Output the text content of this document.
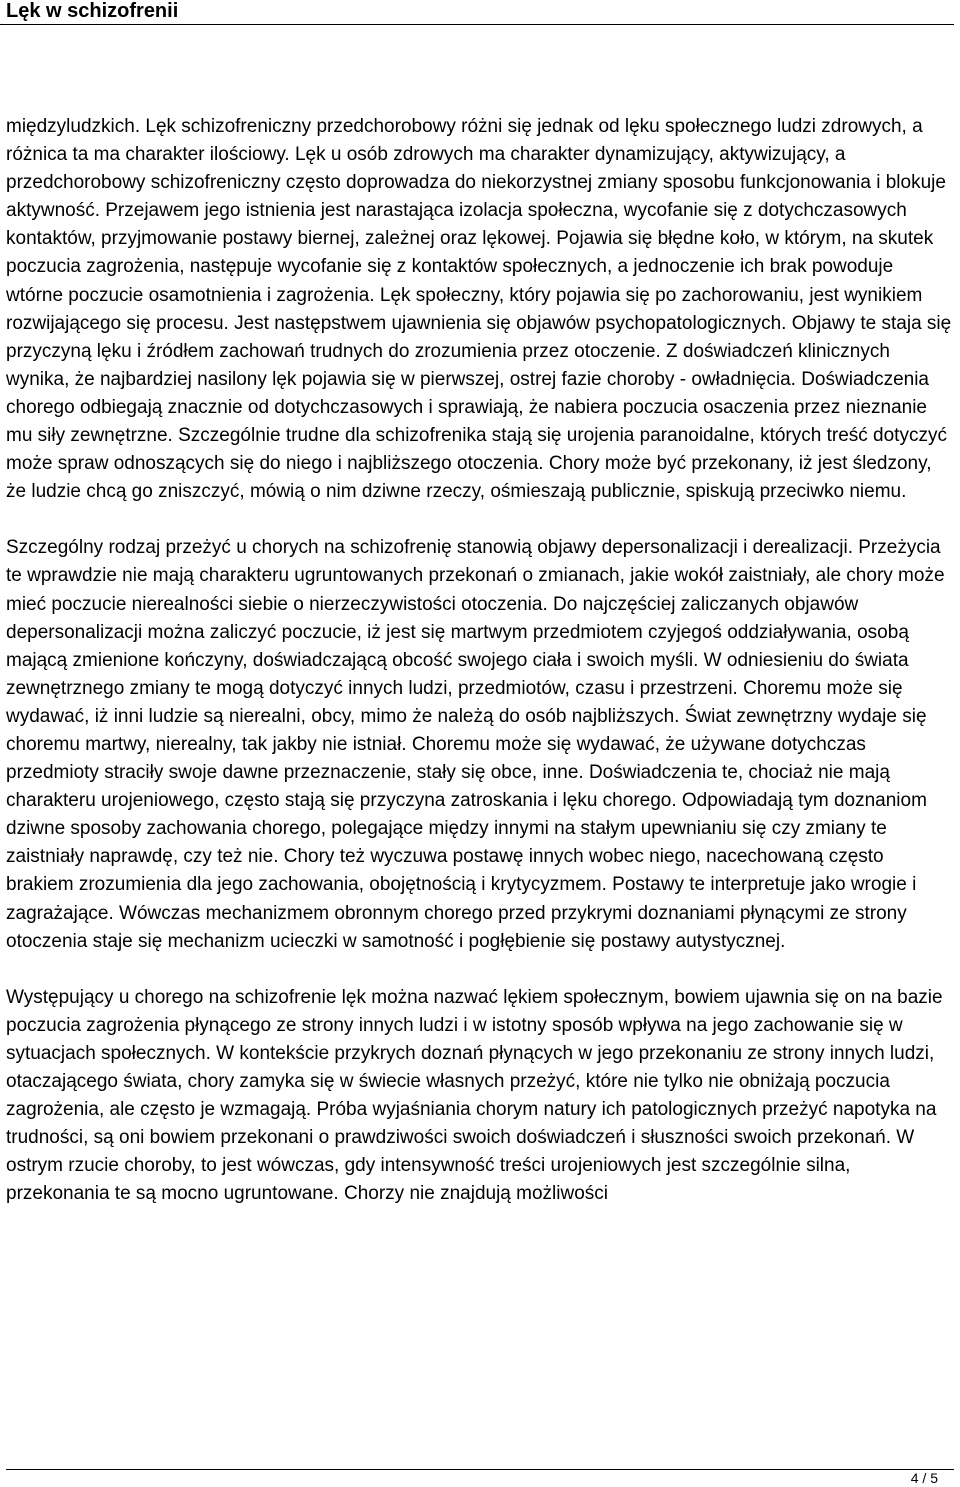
Lęk w schizofrenii

międzyludzkich. Lęk schizofreniczny przedchorobowy różni się jednak od lęku społecznego ludzi zdrowych, a różnica ta ma charakter ilościowy. Lęk u osób zdrowych ma charakter dynamizujący, aktywizujący, a przedchorobowy schizofreniczny często doprowadza do niekorzystnej zmiany sposobu funkcjonowania i blokuje aktywność. Przejawem jego istnienia jest narastająca izolacja społeczna, wycofanie się z dotychczasowych kontaktów, przyjmowanie postawy biernej, zależnej oraz lękowej. Pojawia się błędne koło, w którym, na skutek poczucia zagrożenia, następuje wycofanie się z kontaktów społecznych, a jednoczenie ich brak powoduje wtórne poczucie osamotnienia i zagrożenia. Lęk społeczny, który pojawia się po zachorowaniu, jest wynikiem rozwijającego się procesu. Jest następstwem ujawnienia się objawów psychopatologicznych. Objawy te staja się przyczyną lęku i źródłem zachowań trudnych do zrozumienia przez otoczenie. Z doświadczeń klinicznych wynika, że najbardziej nasilony lęk pojawia się w pierwszej, ostrej fazie choroby - owładnięcia. Doświadczenia chorego odbiegają znacznie od dotychczasowych i sprawiają, że nabiera poczucia osaczenia przez nieznanie mu siły zewnętrzne. Szczególnie trudne dla schizofrenika stają się urojenia paranoidalne, których treść dotyczyć może spraw odnoszących się do niego i najbliższego otoczenia. Chory może być przekonany, iż jest śledzony, że ludzie chcą go zniszczyć, mówią o nim dziwne rzeczy, ośmieszają publicznie, spiskują przeciwko niemu.

Szczególny rodzaj przeżyć u chorych na schizofrenię stanowią objawy depersonalizacji i derealizacji. Przeżycia te wprawdzie nie mają charakteru ugruntowanych przekonań o zmianach, jakie wokół zaistniały, ale chory może mieć poczucie nierealności siebie o nierzeczywistości otoczenia. Do najczęściej zaliczanych objawów depersonalizacji można zaliczyć poczucie, iż jest się martwym przedmiotem czyjegoś oddziaływania, osobą mającą zmienione kończyny, doświadczającą obcość swojego ciała i swoich myśli. W odniesieniu do świata zewnętrznego zmiany te mogą dotyczyć innych ludzi, przedmiotów, czasu i przestrzeni. Choremu może się wydawać, iż inni ludzie są nierealni, obcy, mimo że należą do osób najbliższych. Świat zewnętrzny wydaje się choremu martwy, nierealny, tak jakby nie istniał. Choremu może się wydawać, że używane dotychczas przedmioty straciły swoje dawne przeznaczenie, stały się obce, inne. Doświadczenia te, chociaż nie mają charakteru urojeniowego, często stają się przyczyna zatroskania i lęku chorego. Odpowiadają tym doznaniom dziwne sposoby zachowania chorego, polegające między innymi na stałym upewnianiu się czy zmiany te zaistniały naprawdę, czy też nie. Chory też wyczuwa postawę innych wobec niego, nacechowaną często brakiem zrozumienia dla jego zachowania, obojętnością i krytycyzmem. Postawy te interpretuje jako wrogie i zagrażające. Wówczas mechanizmem obronnym chorego przed przykrymi doznaniami płynącymi ze strony otoczenia staje się mechanizm ucieczki w samotność i pogłębienie się postawy autystycznej.

Występujący u chorego na schizofrenie lęk można nazwać lękiem społecznym, bowiem ujawnia się on na bazie poczucia zagrożenia płynącego ze strony innych ludzi i w istotny sposób wpływa na jego zachowanie się w sytuacjach społecznych. W kontekście przykrych doznań płynących w jego przekonaniu ze strony innych ludzi, otaczającego świata, chory zamyka się w świecie własnych przeżyć, które nie tylko nie obniżają poczucia zagrożenia, ale często je wzmagają. Próba wyjaśniania chorym natury ich patologicznych przeżyć napotyka na trudności, są oni bowiem przekonani o prawdziwości swoich doświadczeń i słuszności swoich przekonań. W ostrym rzucie choroby, to jest wówczas, gdy intensywność treści urojeniowych jest szczególnie silna, przekonania te są mocno ugruntowane. Chorzy nie znajdują możliwości

4 / 5
